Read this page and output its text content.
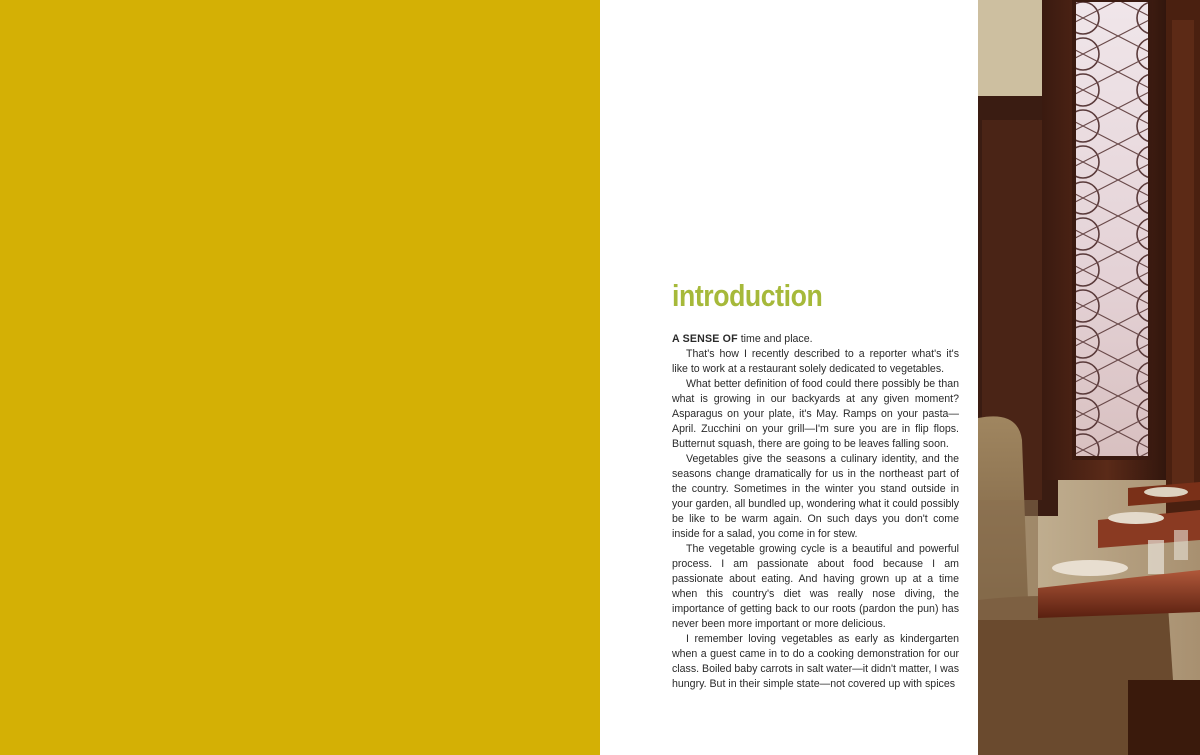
introduction

A SENSE OF time and place.

That's how I recently described to a reporter what's it's like to work at a restaurant solely dedicated to vegetables.

What better definition of food could there possibly be than what is growing in our backyards at any given moment? Asparagus on your plate, it's May. Ramps on your pasta—April. Zucchini on your grill—I'm sure you are in flip flops. Butternut squash, there are going to be leaves falling soon.

Vegetables give the seasons a culinary identity, and the seasons change dramatically for us in the northeast part of the country. Sometimes in the winter you stand outside in your garden, all bundled up, wondering what it could possibly be like to be warm again. On such days you don't come inside for a salad, you come in for stew.

The vegetable growing cycle is a beautiful and powerful process. I am passionate about food because I am passionate about eating. And having grown up at a time when this country's diet was really nose diving, the importance of getting back to our roots (pardon the pun) has never been more important or more delicious.

I remember loving vegetables as early as kindergarten when a guest came in to do a cooking demonstration for our class. Boiled baby carrots in salt water—it didn't matter, I was hungry. But in their simple state—not covered up with spices
